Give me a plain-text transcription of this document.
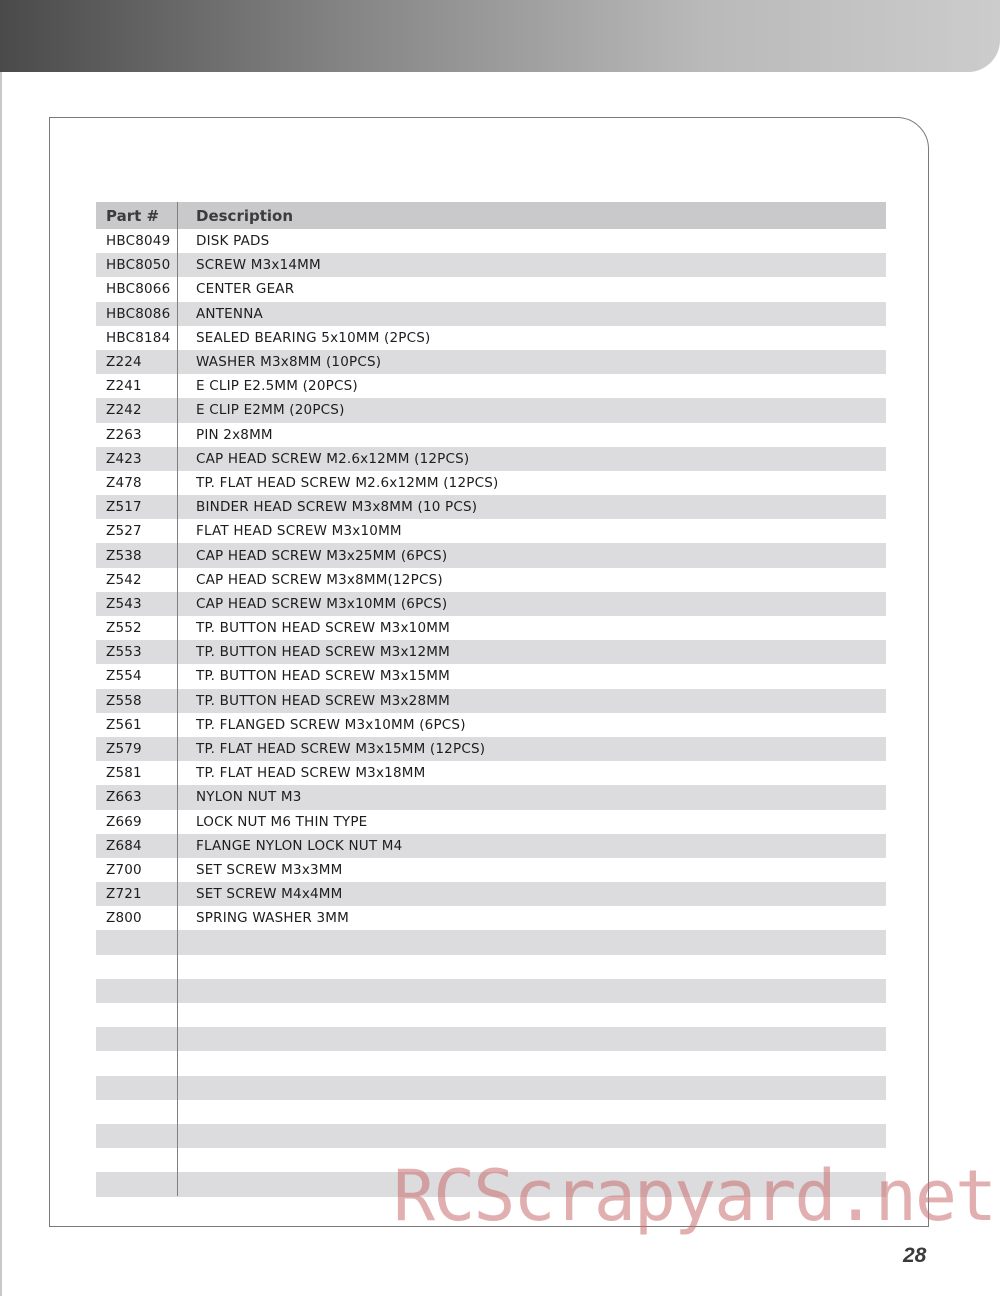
Part #	Description
HBC8049	DISK PADS
HBC8050	SCREW M3x14MM
HBC8066	CENTER GEAR
HBC8086	ANTENNA
HBC8184	SEALED BEARING 5x10MM (2PCS)
Z224	WASHER M3x8MM (10PCS)
Z241	E CLIP E2.5MM (20PCS)
Z242	E CLIP E2MM (20PCS)
Z263	PIN 2x8MM
Z423	CAP HEAD SCREW M2.6x12MM (12PCS)
Z478	TP. FLAT HEAD SCREW M2.6x12MM (12PCS)
Z517	BINDER HEAD SCREW M3x8MM (10 PCS)
Z527	FLAT HEAD SCREW M3x10MM
Z538	CAP HEAD SCREW M3x25MM (6PCS)
Z542	CAP HEAD SCREW M3x8MM(12PCS)
Z543	CAP HEAD SCREW M3x10MM (6PCS)
Z552	TP. BUTTON HEAD SCREW M3x10MM
Z553	TP. BUTTON HEAD SCREW M3x12MM
Z554	TP. BUTTON HEAD SCREW M3x15MM
Z558	TP. BUTTON HEAD SCREW M3x28MM
Z561	TP. FLANGED SCREW M3x10MM (6PCS)
Z579	TP. FLAT HEAD SCREW M3x15MM (12PCS)
Z581	TP. FLAT HEAD SCREW M3x18MM
Z663	NYLON NUT M3
Z669	LOCK NUT M6 THIN TYPE
Z684	FLANGE NYLON LOCK NUT M4
Z700	SET SCREW M3x3MM
Z721	SET SCREW M4x4MM
Z800	SPRING WASHER 3MM
RCScrapyard.net
28
